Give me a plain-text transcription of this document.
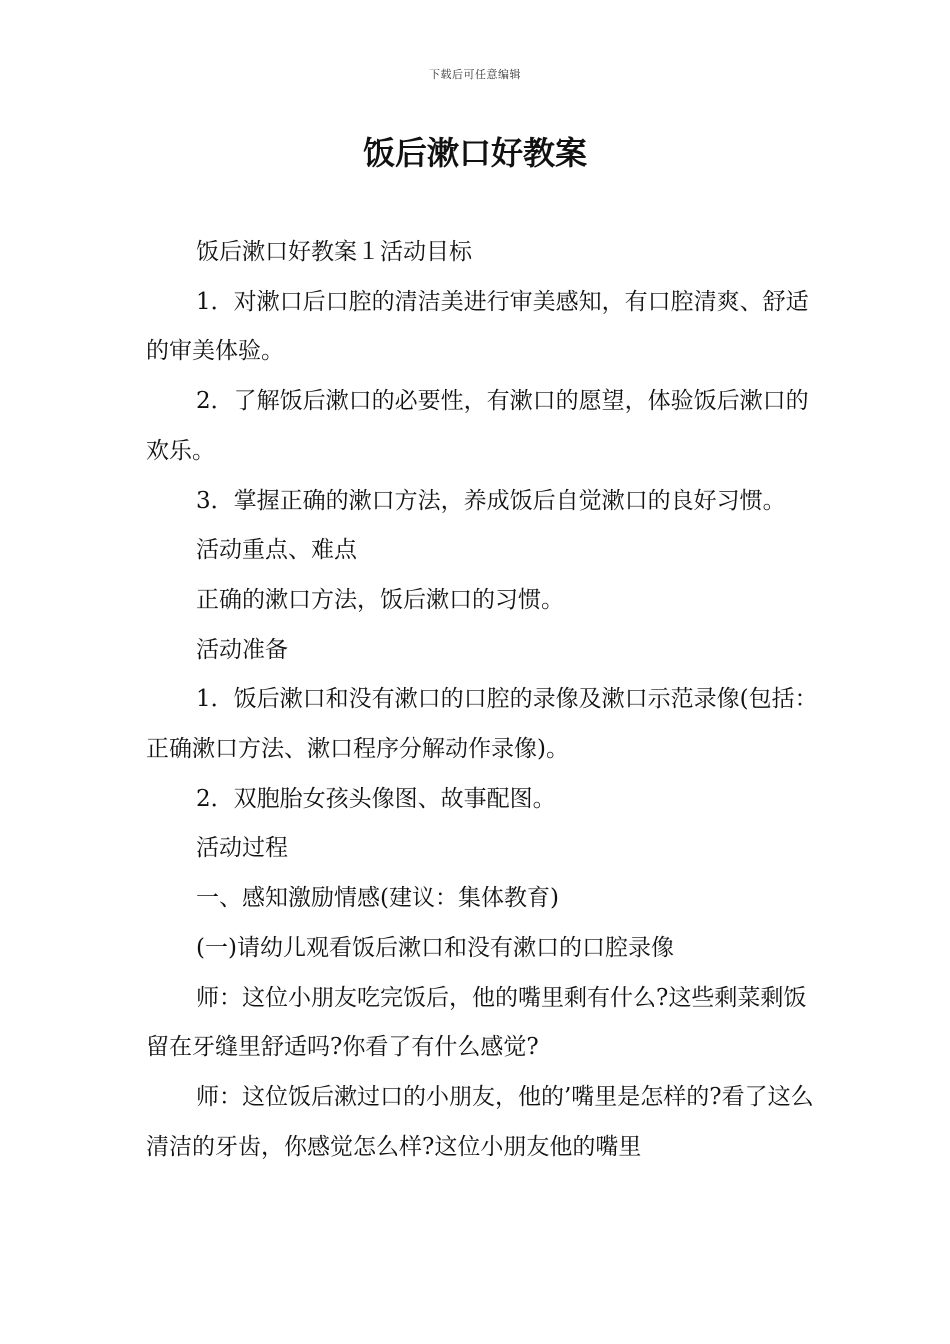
下载后可任意编辑
饭后漱口好教案

饭后漱口好教案１活动目标

1．对漱口后口腔的清洁美进行审美感知，有口腔清爽、舒适的审美体验。

2．了解饭后漱口的必要性，有漱口的愿望，体验饭后漱口的欢乐。

3．掌握正确的漱口方法，养成饭后自觉漱口的良好习惯。

活动重点、难点

正确的漱口方法，饭后漱口的习惯。

活动准备

1．饭后漱口和没有漱口的口腔的录像及漱口示范录像(包括：正确漱口方法、漱口程序分解动作录像)。

2．双胞胎女孩头像图、故事配图。

活动过程

一、感知激励情感(建议：集体教育)

(一)请幼儿观看饭后漱口和没有漱口的口腔录像

师：这位小朋友吃完饭后，他的嘴里剩有什么?这些剩菜剩饭留在牙缝里舒适吗?你看了有什么感觉?

师：这位饭后漱过口的小朋友，他的’嘴里是怎样的?看了这么清洁的牙齿，你感觉怎么样?这位小朋友他的嘴里
